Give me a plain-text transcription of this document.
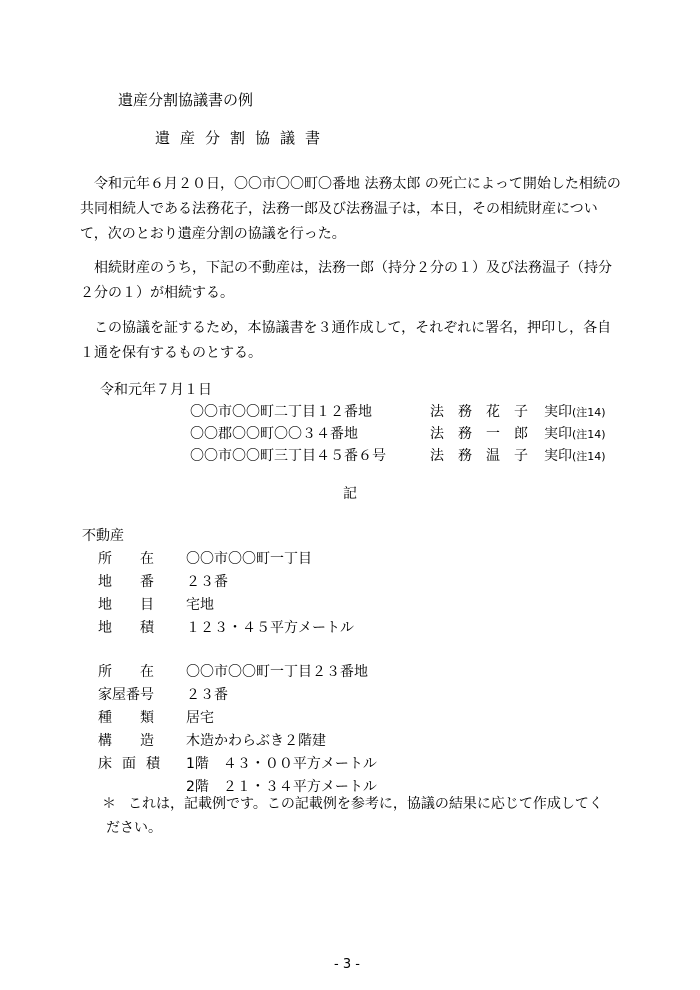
遺産分割協議書の例
遺産分割協議書
令和元年６月２０日，〇〇市〇〇町〇番地 法務太郎 の死亡によって開始した相続の共同相続人である法務花子，法務一郎及び法務温子は，本日，その相続財産について，次のとおり遺産分割の協議を行った。
相続財産のうち，下記の不動産は，法務一郎（持分２分の１）及び法務温子（持分２分の１）が相続する。
この協議を証するため，本協議書を３通作成して，それぞれに署名，押印し，各自１通を保有するものとする。
令和元年７月１日
〇〇市〇〇町二丁目１２番地	法務花子 実印(注14)
〇〇郡〇〇町〇〇３４番地	法務一郎 実印(注14)
〇〇市〇〇町三丁目４５番６号	法務温子 実印(注14)
記
不動産
所在 〇〇市〇〇町一丁目
地番 ２３番
地目 宅地
地積 １２３・４５平方メートル
所在 〇〇市〇〇町一丁目２３番地
家屋番号 ２３番
種類 居宅
構造 木造かわらぶき２階建
床面積 1階　４３・００平方メートル
2階　２１・３４平方メートル
＊ これは，記載例です。この記載例を参考に，協議の結果に応じて作成してく
ださい。
- 3 -
